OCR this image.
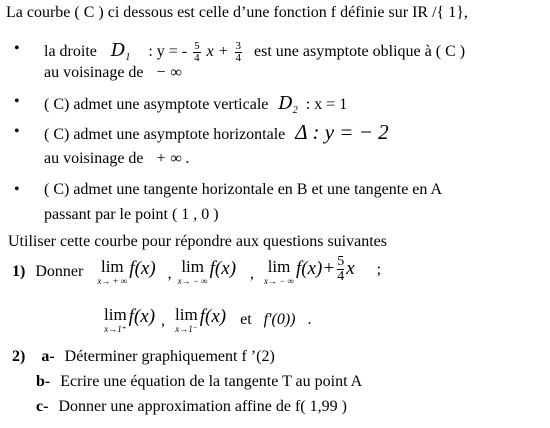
La courbe ( C ) ci dessous est celle d’une fonction f définie sur IR /{ 1},
• la droite $D_1$ : y = - $\frac{5}{4}$ $x + \frac{3}{4}$ est une asymptote oblique à ( C )
au voisinage de − ∞
• ( C) admet une asymptote verticale $D_2$ : x = 1
• ( C) admet une asymptote horizontale Δ : y = − 2
au voisinage de + ∞ .
• ( C) admet une tangente horizontale en B et une tangente en A
passant par le point ( 1 , 0 )
Utiliser cette courbe pour répondre aux questions suivantes
1) Donner lim
x→ + ∞
f(x) , lim
x→ − ∞
f(x) , lim
x→ − ∞
$f(x)+ \frac{5}{4}$ x ;
lim
x→1⁺
f(x) , lim
x→1⁻
f(x) et f'(0)) .
2) a- Déterminer graphiquement f ’(2)
b- Ecrire une équation de la tangente T au point A
c- Donner une approximation affine de f( 1,99 )
